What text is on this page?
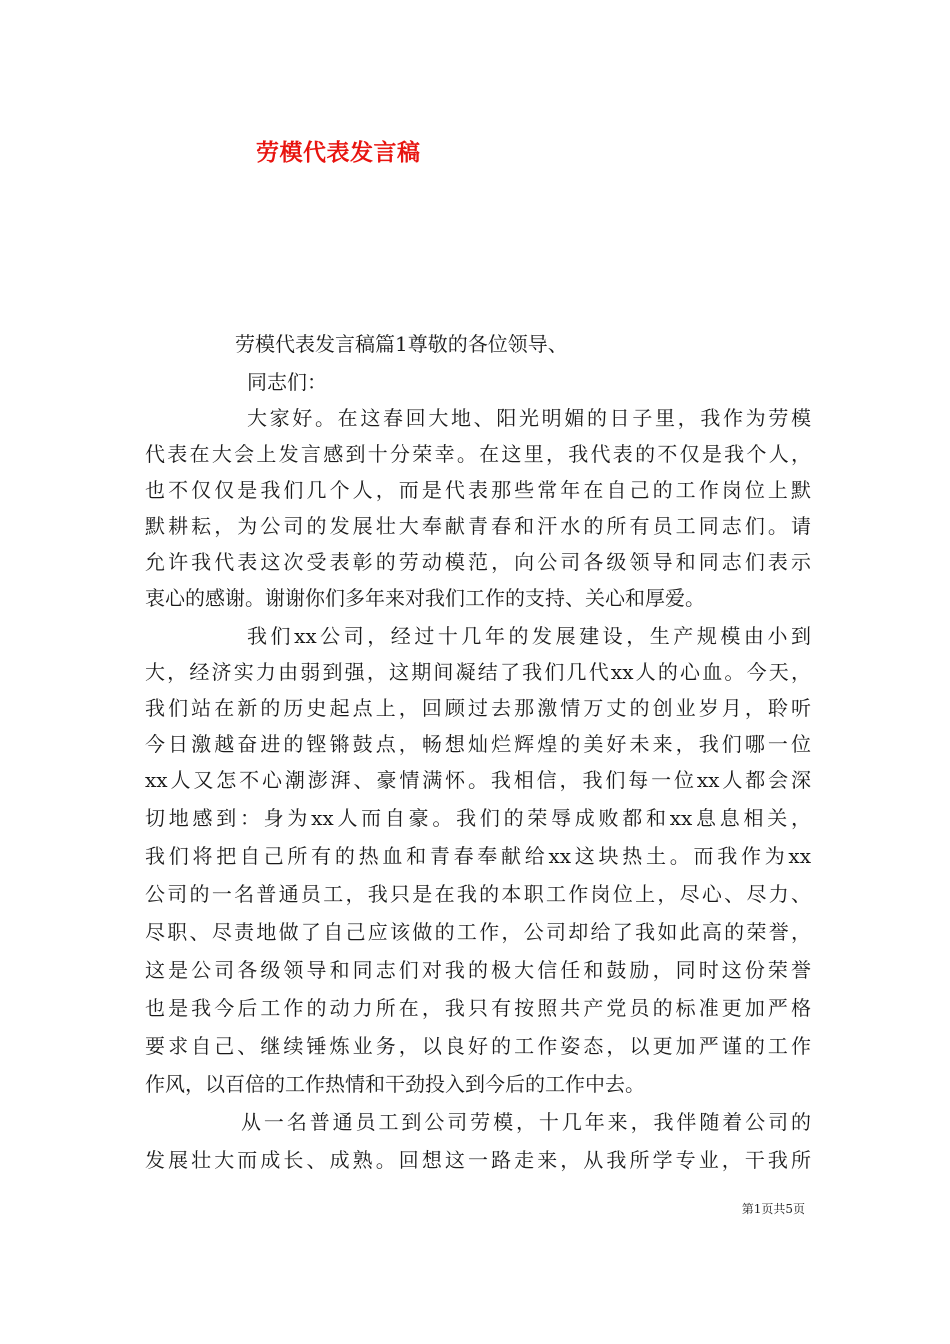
劳模代表发言稿
劳模代表发言稿篇1尊敬的各位领导、
同志们：
大家好。在这春回大地、阳光明媚的日子里，我作为劳模
代表在大会上发言感到十分荣幸。在这里，我代表的不仅是我个人，
也不仅仅是我们几个人，而是代表那些常年在自己的工作岗位上默
默耕耘，为公司的发展壮大奉献青春和汗水的所有员工同志们。请
允许我代表这次受表彰的劳动模范，向公司各级领导和同志们表示
衷心的感谢。谢谢你们多年来对我们工作的支持、关心和厚爱。
我们xx公司，经过十几年的发展建设，生产规模由小到
大，经济实力由弱到强，这期间凝结了我们几代xx人的心血。今天，
我们站在新的历史起点上，回顾过去那激情万丈的创业岁月，聆听
今日激越奋进的铿锵鼓点，畅想灿烂辉煌的美好未来，我们哪一位
xx人又怎不心潮澎湃、豪情满怀。我相信，我们每一位xx人都会深
切地感到：身为xx人而自豪。我们的荣辱成败都和xx息息相关，
我们将把自己所有的热血和青春奉献给xx这块热土。而我作为xx
公司的一名普通员工，我只是在我的本职工作岗位上，尽心、尽力、
尽职、尽责地做了自己应该做的工作，公司却给了我如此高的荣誉，
这是公司各级领导和同志们对我的极大信任和鼓励，同时这份荣誉
也是我今后工作的动力所在，我只有按照共产党员的标准更加严格
要求自己、继续锤炼业务，以良好的工作姿态，以更加严谨的工作
作风，以百倍的工作热情和干劲投入到今后的工作中去。
从一名普通员工到公司劳模，十几年来，我伴随着公司的
发展壮大而成长、成熟。回想这一路走来，从我所学专业，干我所
第1页共5页
